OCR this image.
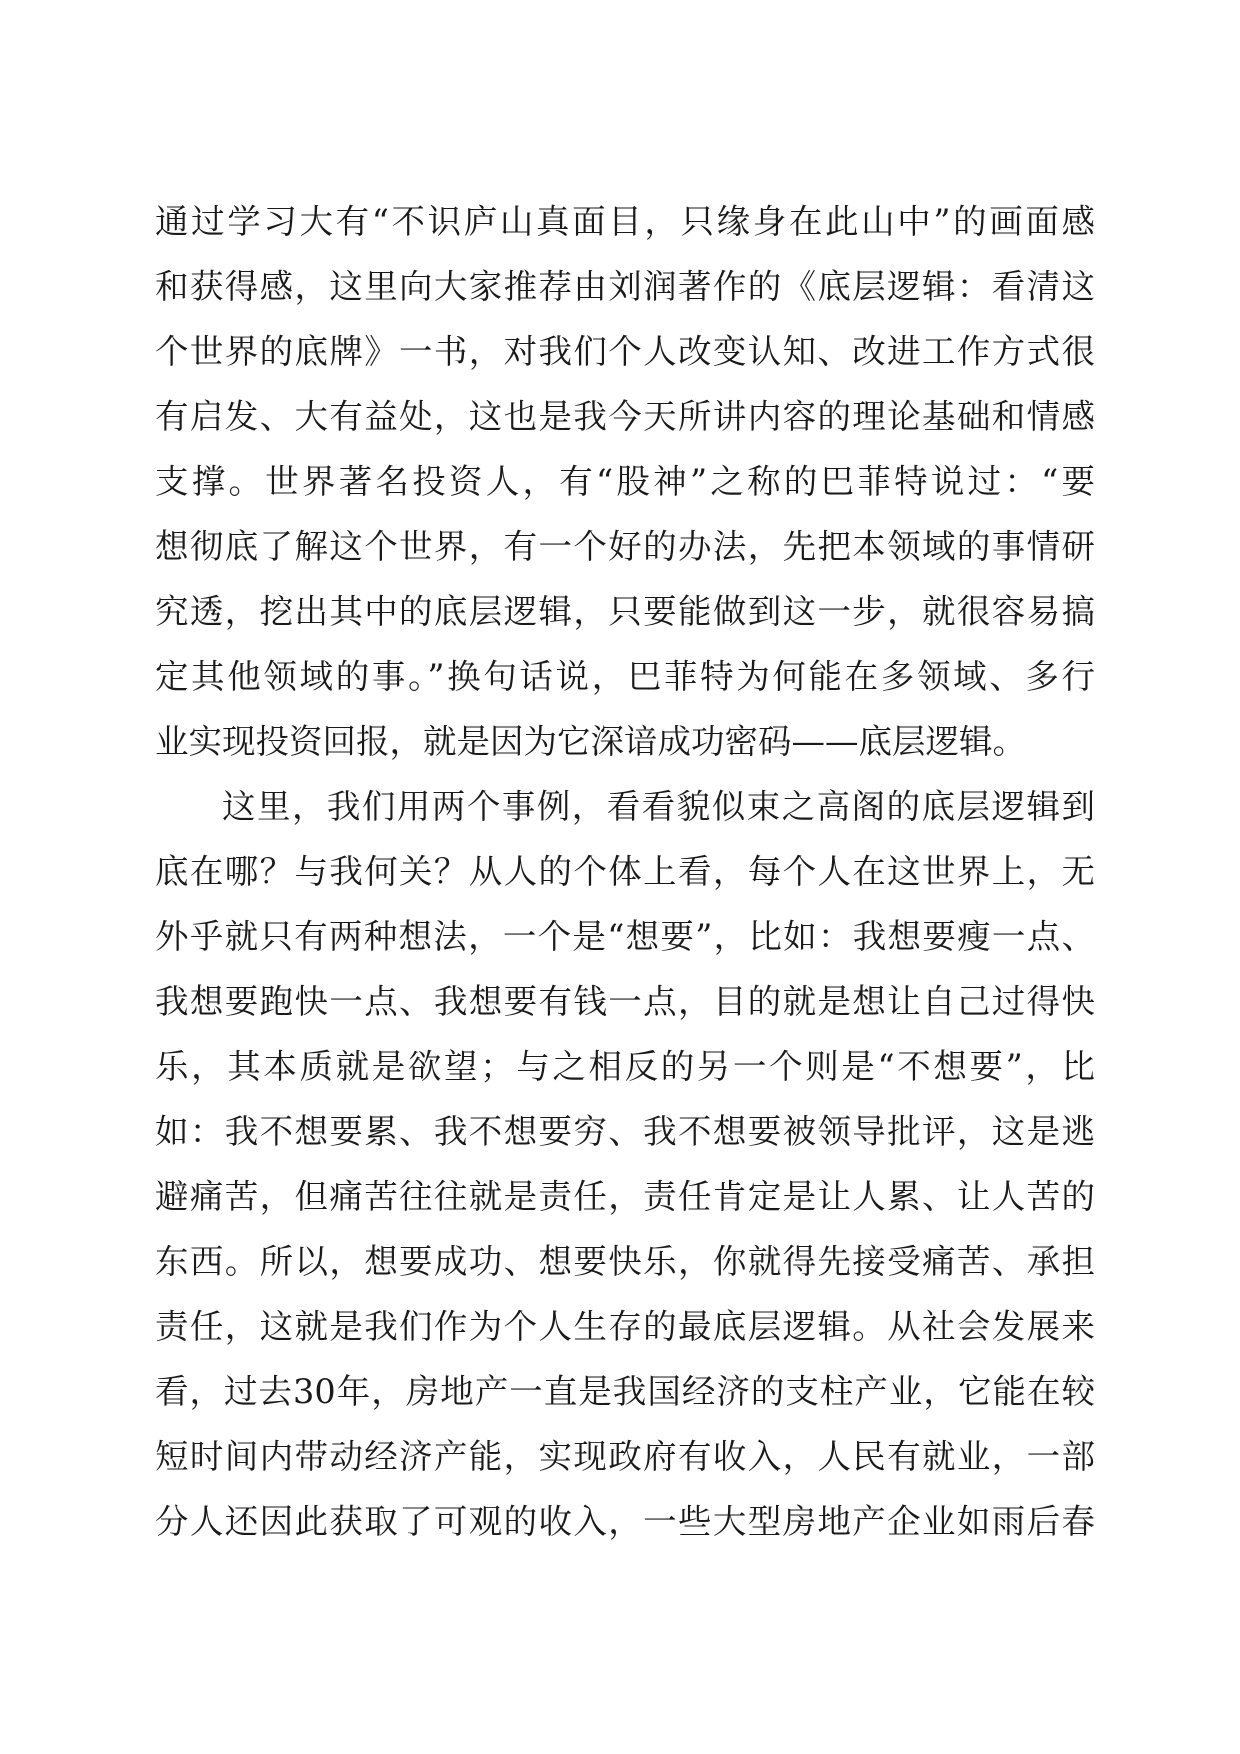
通过学习大有“不识庐山真面目，只缘身在此山中”的画面感
和获得感，这里向大家推荐由刘润著作的《底层逻辑：看清这
个世界的底牌》一书，对我们个人改变认知、改进工作方式很
有启发、大有益处，这也是我今天所讲内容的理论基础和情感
支撑。世界著名投资人，有“股神”之称的巴菲特说过：“要
想彻底了解这个世界，有一个好的办法，先把本领域的事情研
究透，挖出其中的底层逻辑，只要能做到这一步，就很容易搞
定其他领域的事。”换句话说，巴菲特为何能在多领域、多行
业实现投资回报，就是因为它深谙成功密码——底层逻辑。
这里，我们用两个事例，看看貌似束之高阁的底层逻辑到
底在哪？与我何关？从人的个体上看，每个人在这世界上，无
外乎就只有两种想法，一个是“想要”，比如：我想要瘦一点、
我想要跑快一点、我想要有钱一点，目的就是想让自己过得快
乐，其本质就是欲望；与之相反的另一个则是“不想要”，比
如：我不想要累、我不想要穷、我不想要被领导批评，这是逃
避痛苦，但痛苦往往就是责任，责任肯定是让人累、让人苦的
东西。所以，想要成功、想要快乐，你就得先接受痛苦、承担
责任，这就是我们作为个人生存的最底层逻辑。从社会发展来
看，过去30年，房地产一直是我国经济的支柱产业，它能在较
短时间内带动经济产能，实现政府有收入，人民有就业，一部
分人还因此获取了可观的收入，一些大型房地产企业如雨后春
